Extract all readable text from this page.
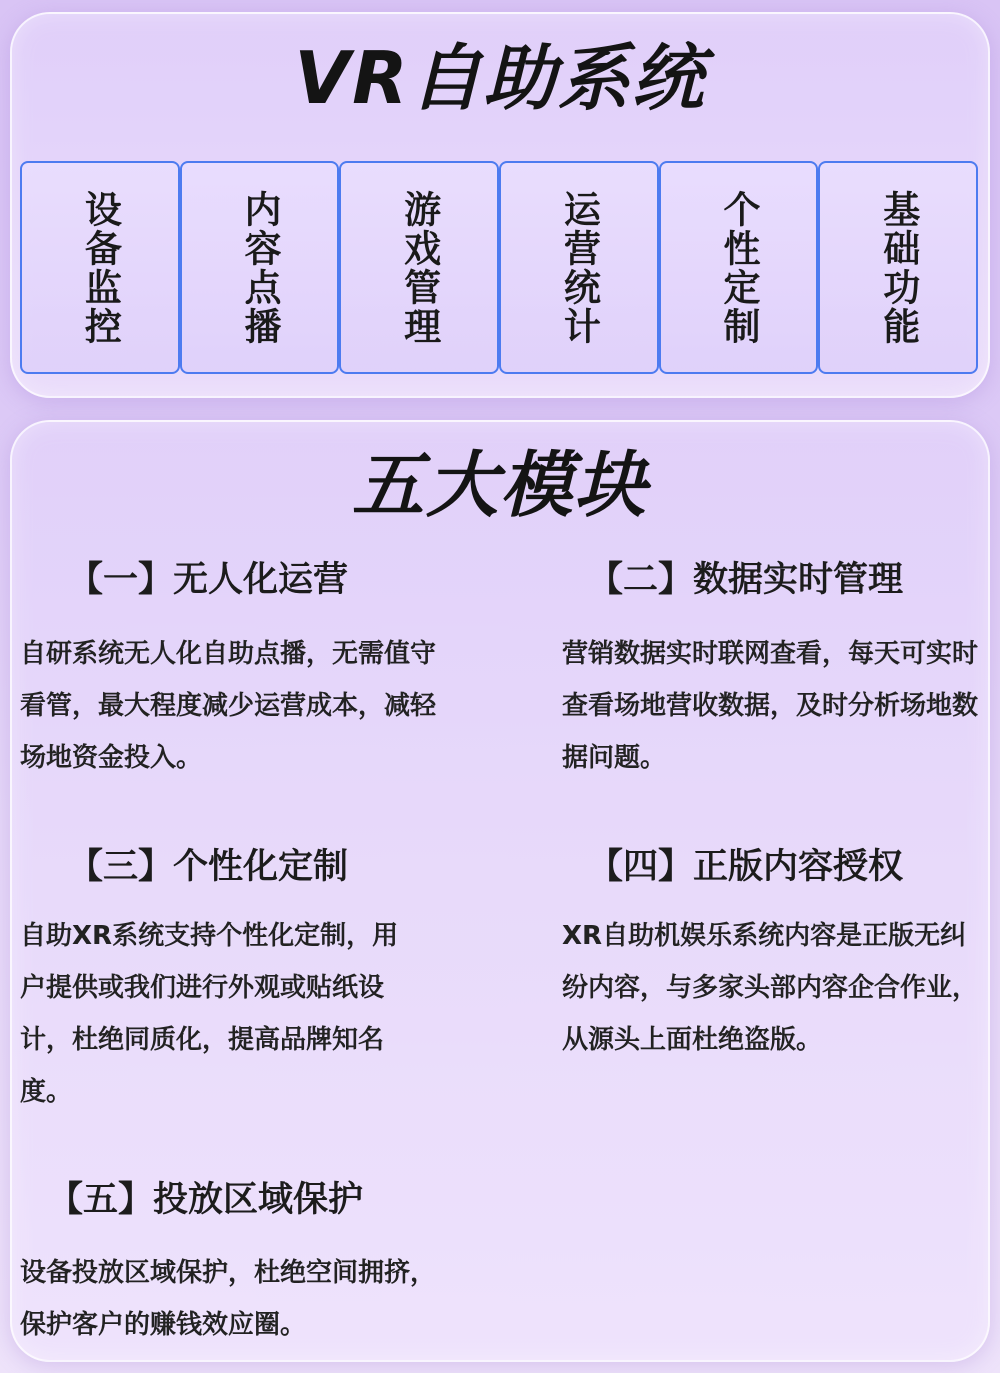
VR自助系统
设备监控	内容点播	游戏管理	运营统计	个性定制	基础功能
五大模块
【一】无人化运营
自研系统无人化自助点播，无需值守看管，最大程度减少运营成本，减轻场地资金投入。
【二】数据实时管理
营销数据实时联网查看，每天可实时查看场地营收数据，及时分析场地数据问题。
【三】个性化定制
自助XR系统支持个性化定制，用户提供或我们进行外观或贴纸设计，杜绝同质化，提高品牌知名度。
【四】正版内容授权
XR自助机娱乐系统内容是正版无纠纷内容，与多家头部内容企合作业，从源头上面杜绝盗版。
【五】投放区域保护
设备投放区域保护，杜绝空间拥挤，保护客户的赚钱效应圈。
